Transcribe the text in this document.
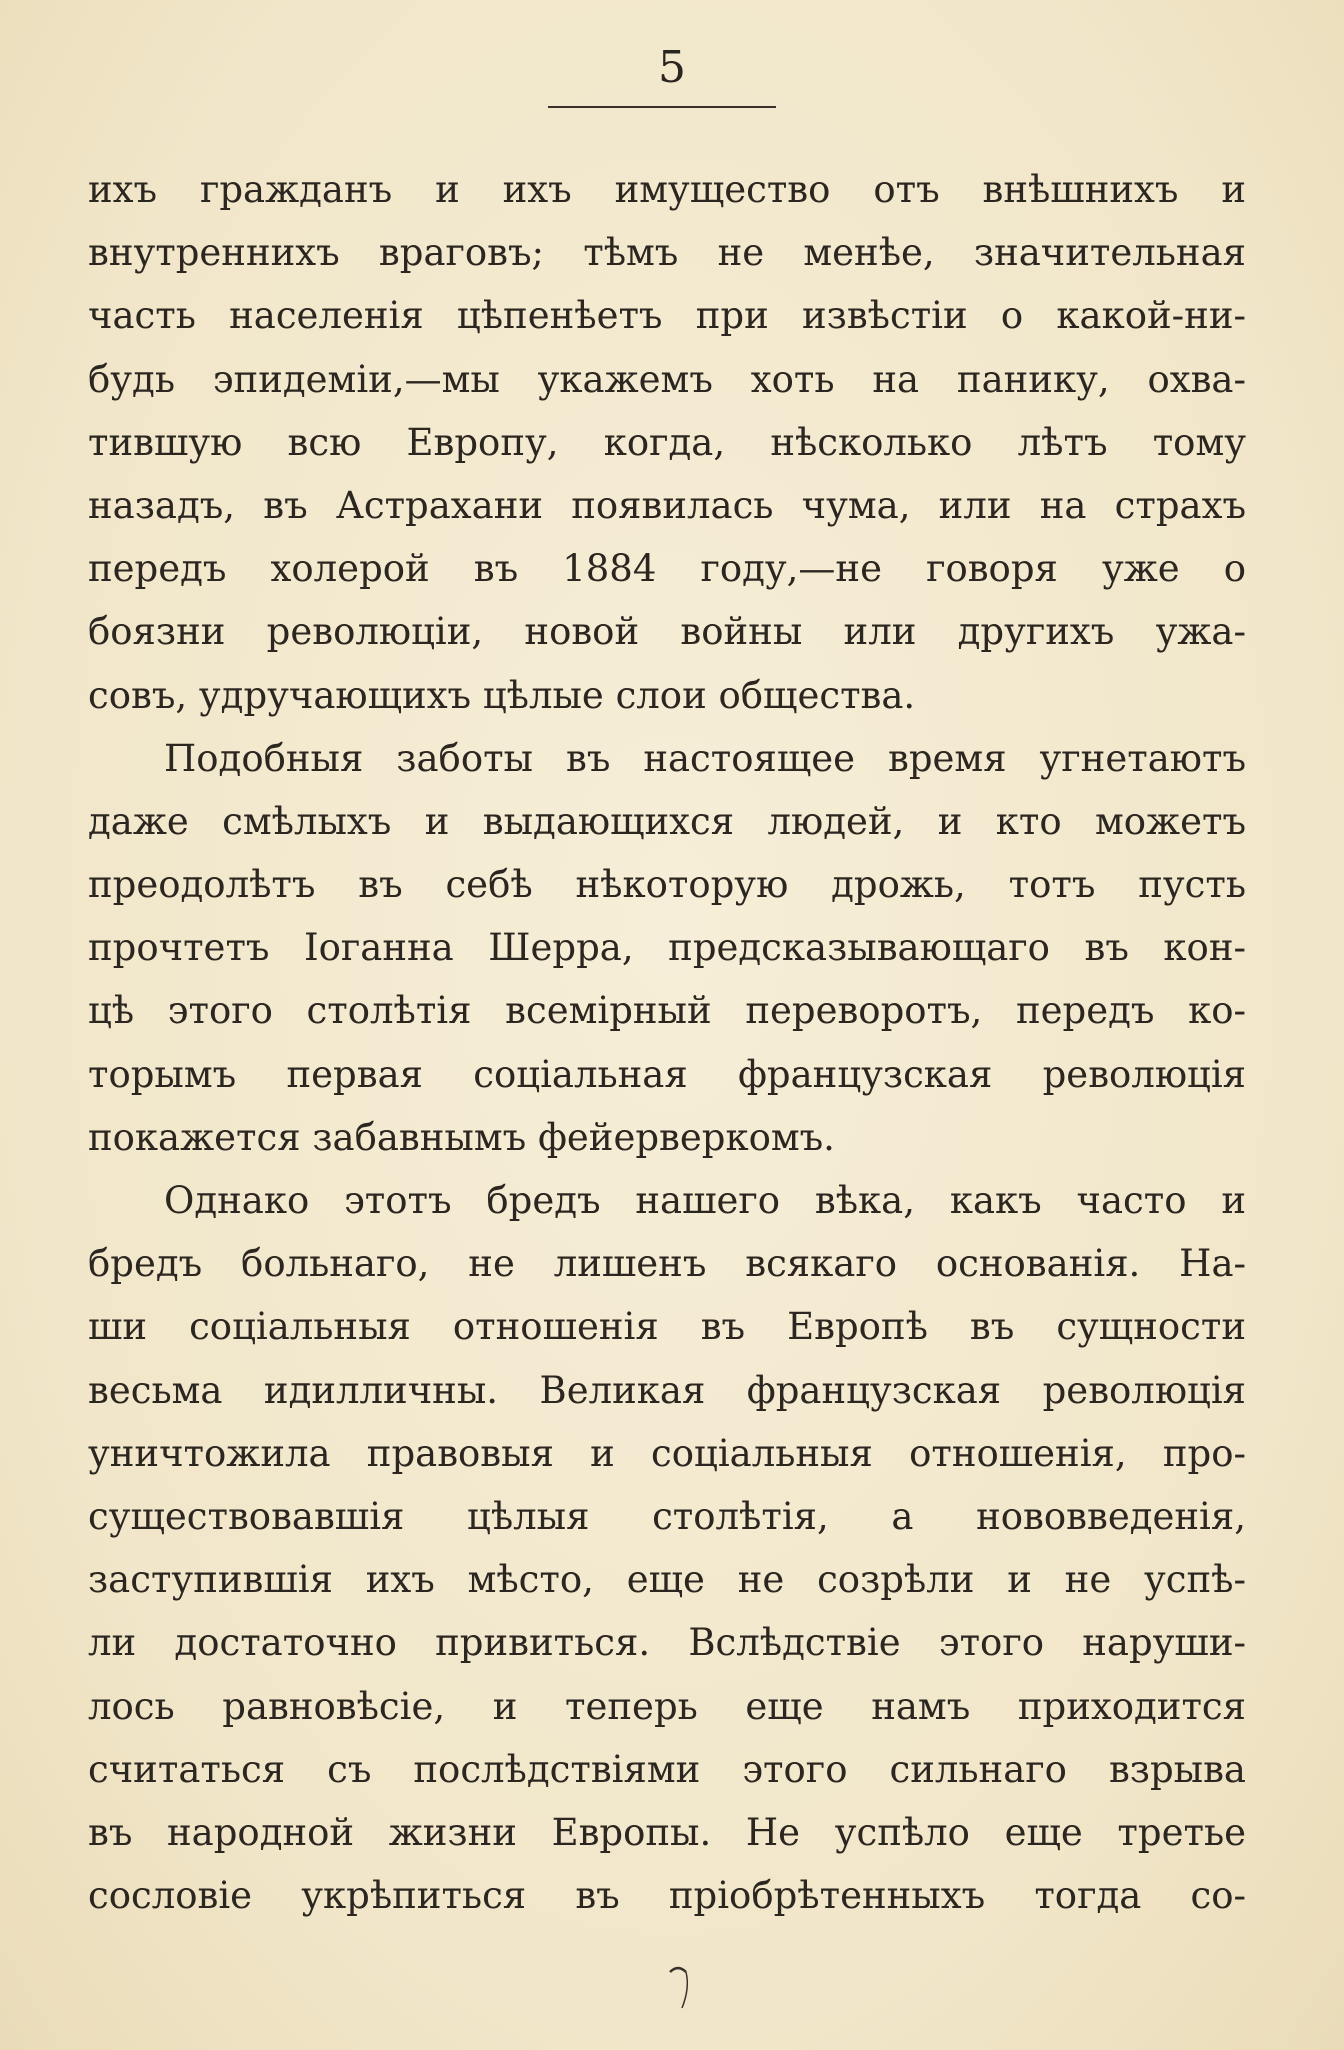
5
ихъ гражданъ и ихъ имущество отъ внѣшнихъ и
внутреннихъ враговъ; тѣмъ не менѣе, значительная
часть населенія цѣпенѣетъ при извѣстіи о какой-ни-
будь эпидеміи,—мы укажемъ хоть на панику, охва-
тившую всю Европу, когда, нѣсколько лѣтъ тому
назадъ, въ Астрахани появилась чума, или на страхъ
передъ холерой въ 1884 году,—не говоря уже о
боязни революціи, новой войны или другихъ ужа-
совъ, удручающихъ цѣлые слои общества.
Подобныя заботы въ настоящее время угнетаютъ
даже смѣлыхъ и выдающихся людей, и кто можетъ
преодолѣтъ въ себѣ нѣкоторую дрожь, тотъ пусть
прочтетъ Іоганна Шерра, предсказывающаго въ кон-
цѣ этого столѣтія всемірный переворотъ, передъ ко-
торымъ первая соціальная французская революція
покажется забавнымъ фейерверкомъ.
Однако этотъ бредъ нашего вѣка, какъ часто и
бредъ больнаго, не лишенъ всякаго основанія. На-
ши соціальныя отношенія въ Европѣ въ сущности
весьма идилличны. Великая французская революція
уничтожила правовыя и соціальныя отношенія, про-
существовавшія цѣлыя столѣтія, а нововведенія,
заступившія ихъ мѣсто, еще не созрѣли и не успѣ-
ли достаточно привиться. Вслѣдствіе этого наруши-
лось равновѣсіе, и теперь еще намъ приходится
считаться съ послѣдствіями этого сильнаго взрыва
въ народной жизни Европы. Не успѣло еще третье
сословіе укрѣпиться въ пріобрѣтенныхъ тогда со-
